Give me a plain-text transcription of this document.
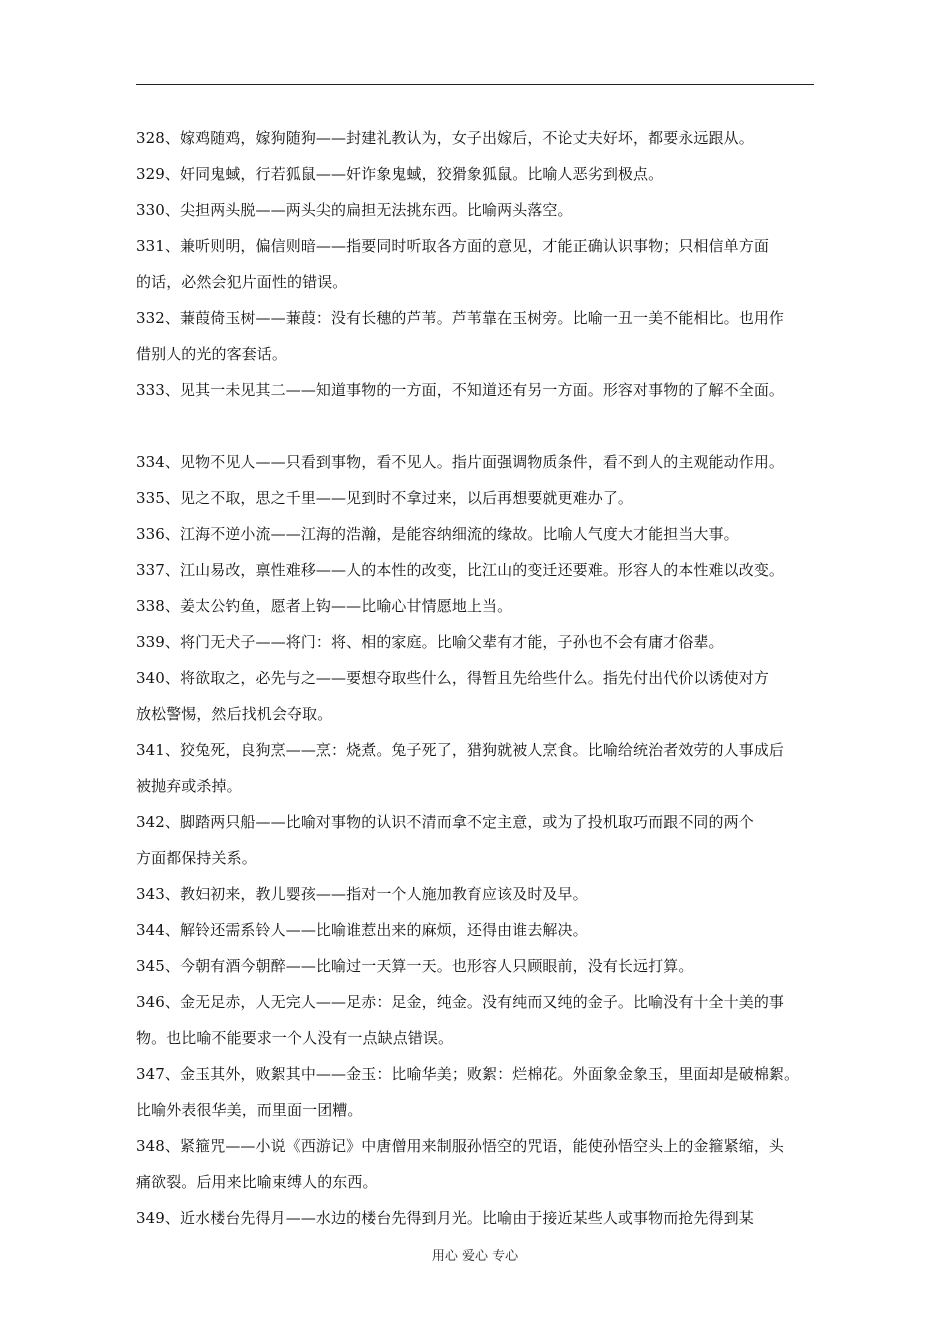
328、嫁鸡随鸡，嫁狗随狗——封建礼教认为，女子出嫁后，不论丈夫好坏，都要永远跟从。
329、奸同鬼蜮，行若狐鼠——奸诈象鬼蜮，狡猾象狐鼠。比喻人恶劣到极点。
330、尖担两头脱——两头尖的扁担无法挑东西。比喻两头落空。
331、兼听则明，偏信则暗——指要同时听取各方面的意见，才能正确认识事物；只相信单方面
的话，必然会犯片面性的错误。
332、蒹葭倚玉树——蒹葭：没有长穗的芦苇。芦苇靠在玉树旁。比喻一丑一美不能相比。也用作
借别人的光的客套话。
333、见其一未见其二——知道事物的一方面，不知道还有另一方面。形容对事物的了解不全面。
334、见物不见人——只看到事物，看不见人。指片面强调物质条件，看不到人的主观能动作用。
335、见之不取，思之千里——见到时不拿过来，以后再想要就更难办了。
336、江海不逆小流——江海的浩瀚，是能容纳细流的缘故。比喻人气度大才能担当大事。
337、江山易改，禀性难移——人的本性的改变，比江山的变迁还要难。形容人的本性难以改变。
338、姜太公钓鱼，愿者上钩——比喻心甘情愿地上当。
339、将门无犬子——将门：将、相的家庭。比喻父辈有才能，子孙也不会有庸才俗辈。
340、将欲取之，必先与之——要想夺取些什么，得暂且先给些什么。指先付出代价以诱使对方
放松警惕，然后找机会夺取。
341、狡兔死，良狗烹——烹：烧煮。兔子死了，猎狗就被人烹食。比喻给统治者效劳的人事成后
被抛弃或杀掉。
342、脚踏两只船——比喻对事物的认识不清而拿不定主意，或为了投机取巧而跟不同的两个
方面都保持关系。
343、教妇初来，教儿婴孩——指对一个人施加教育应该及时及早。
344、解铃还需系铃人——比喻谁惹出来的麻烦，还得由谁去解决。
345、今朝有酒今朝醉——比喻过一天算一天。也形容人只顾眼前，没有长远打算。
346、金无足赤，人无完人——足赤：足金，纯金。没有纯而又纯的金子。比喻没有十全十美的事
物。也比喻不能要求一个人没有一点缺点错误。
347、金玉其外，败絮其中——金玉：比喻华美；败絮：烂棉花。外面象金象玉，里面却是破棉絮。
比喻外表很华美，而里面一团糟。
348、紧箍咒——小说《西游记》中唐僧用来制服孙悟空的咒语，能使孙悟空头上的金箍紧缩，头
痛欲裂。后用来比喻束缚人的东西。
349、近水楼台先得月——水边的楼台先得到月光。比喻由于接近某些人或事物而抢先得到某
用心 爱心 专心
